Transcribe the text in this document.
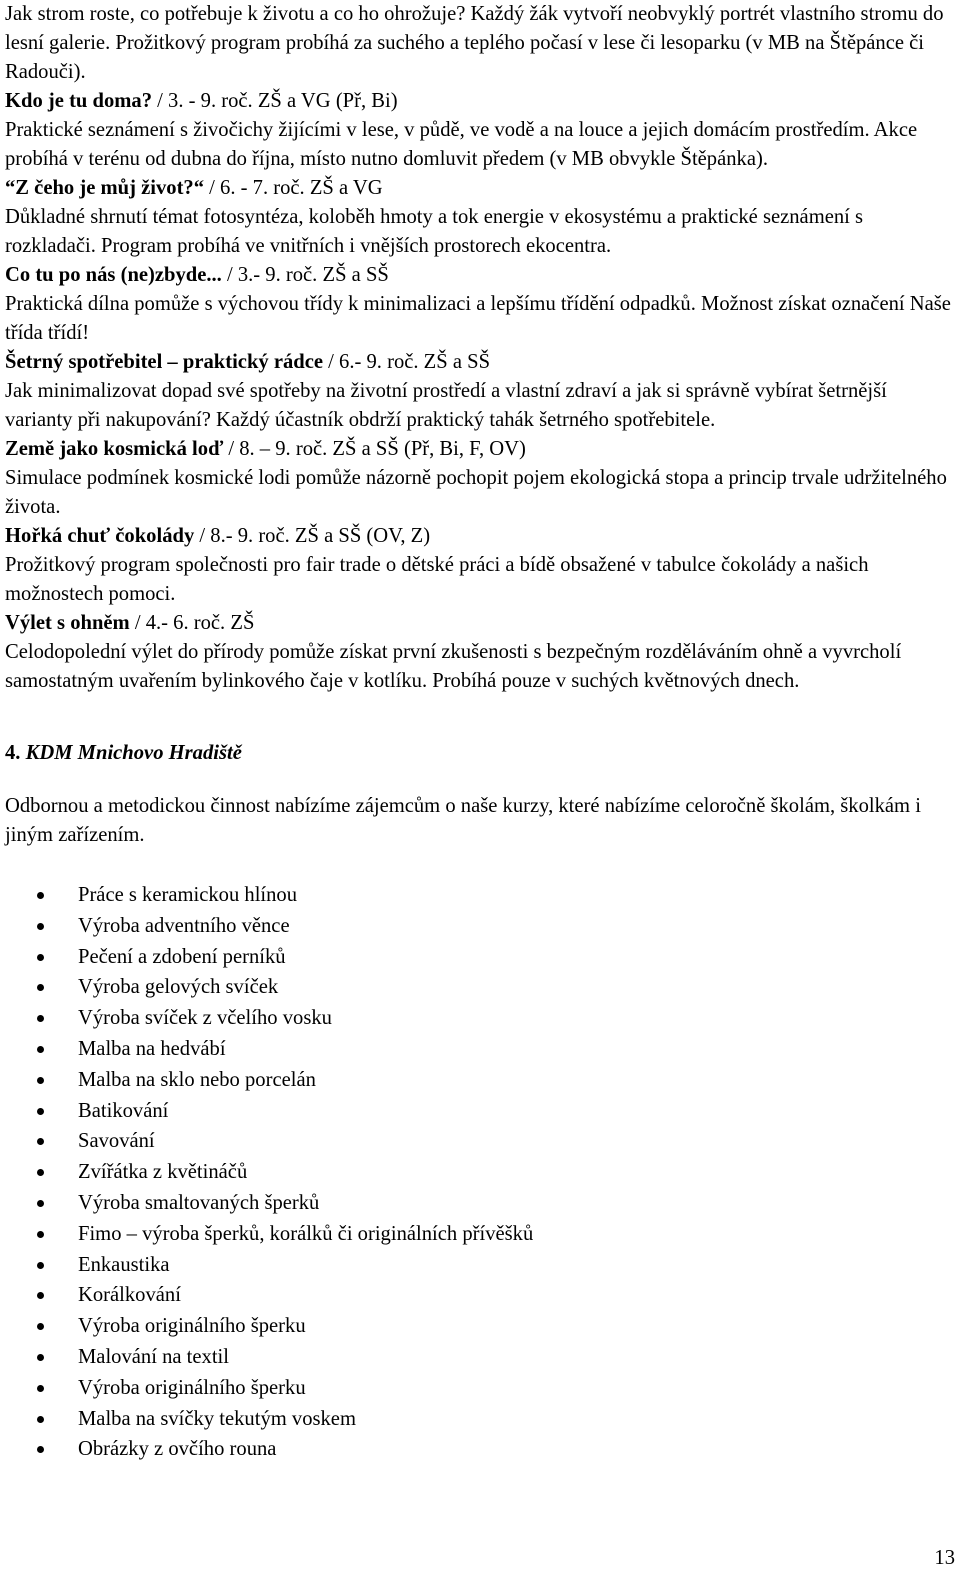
Jak strom roste, co potřebuje k životu a co ho ohrožuje? Každý žák vytvoří neobvyklý portrét vlastního stromu do lesní galerie. Prožitkový program probíhá za suchého a teplého počasí v lese či lesoparku (v MB na Štěpánce či Radouči).

Kdo je tu doma? / 3. - 9. roč. ZŠ a VG (Př, Bi)

Praktické seznámení s živočichy žijícími v lese, v půdě, ve vodě a na louce a jejich domácím prostředím. Akce probíhá v terénu od dubna do října, místo nutno domluvit předem (v MB obvykle Štěpánka).

“Z čeho je můj život?“ / 6. - 7. roč. ZŠ a VG

Důkladné shrnutí témat fotosyntéza, koloběh hmoty a tok energie v ekosystému a praktické seznámení s rozkladači. Program probíhá ve vnitřních i vnějších prostorech ekocentra.

Co tu po nás (ne)zbyde... / 3.- 9. roč. ZŠ a SŠ

Praktická dílna pomůže s výchovou třídy k minimalizaci a lepšímu třídění odpadků. Možnost získat označení Naše třída třídí!

Šetrný spotřebitel – praktický rádce / 6.- 9. roč. ZŠ a SŠ

Jak minimalizovat dopad své spotřeby na životní prostředí a vlastní zdraví a jak si správně vybírat šetrnější varianty při nakupování? Každý účastník obdrží praktický tahák šetrného spotřebitele.

Země jako kosmická loď / 8. – 9. roč. ZŠ a SŠ (Př, Bi, F, OV)

Simulace podmínek kosmické lodi pomůže názorně pochopit pojem ekologická stopa a princip trvale udržitelného života.

Hořká chuť čokolády / 8.- 9. roč. ZŠ a SŠ (OV, Z)

Prožitkový program společnosti pro fair trade o dětské práci a bídě obsažené v tabulce čokolády a našich možnostech pomoci.

Výlet s ohněm / 4.- 6. roč. ZŠ

Celodopolední výlet do přírody pomůže získat první zkušenosti s bezpečným rozděláváním ohně a vyvrcholí samostatným uvařením bylinkového čaje v kotlíku. Probíhá pouze v suchých květnových dnech.

4. KDM Mnichovo Hradiště

Odbornou a metodickou činnost nabízíme zájemcům o naše kurzy, které nabízíme celoročně školám, školkám i jiným zařízením.

Práce s keramickou hlínou
Výroba adventního věnce
Pečení a zdobení perníků
Výroba gelových svíček
Výroba svíček z včelího vosku
Malba na hedvábí
Malba na sklo nebo porcelán
Batikování
Savování
Zvířátka z květináčů
Výroba smaltovaných šperků
Fimo – výroba šperků, korálků či originálních přívěšků
Enkaustika
Korálkování
Výroba originálního šperku
Malování na textil
Výroba originálního šperku
Malba na svíčky tekutým voskem
Obrázky z ovčího rouna
13
